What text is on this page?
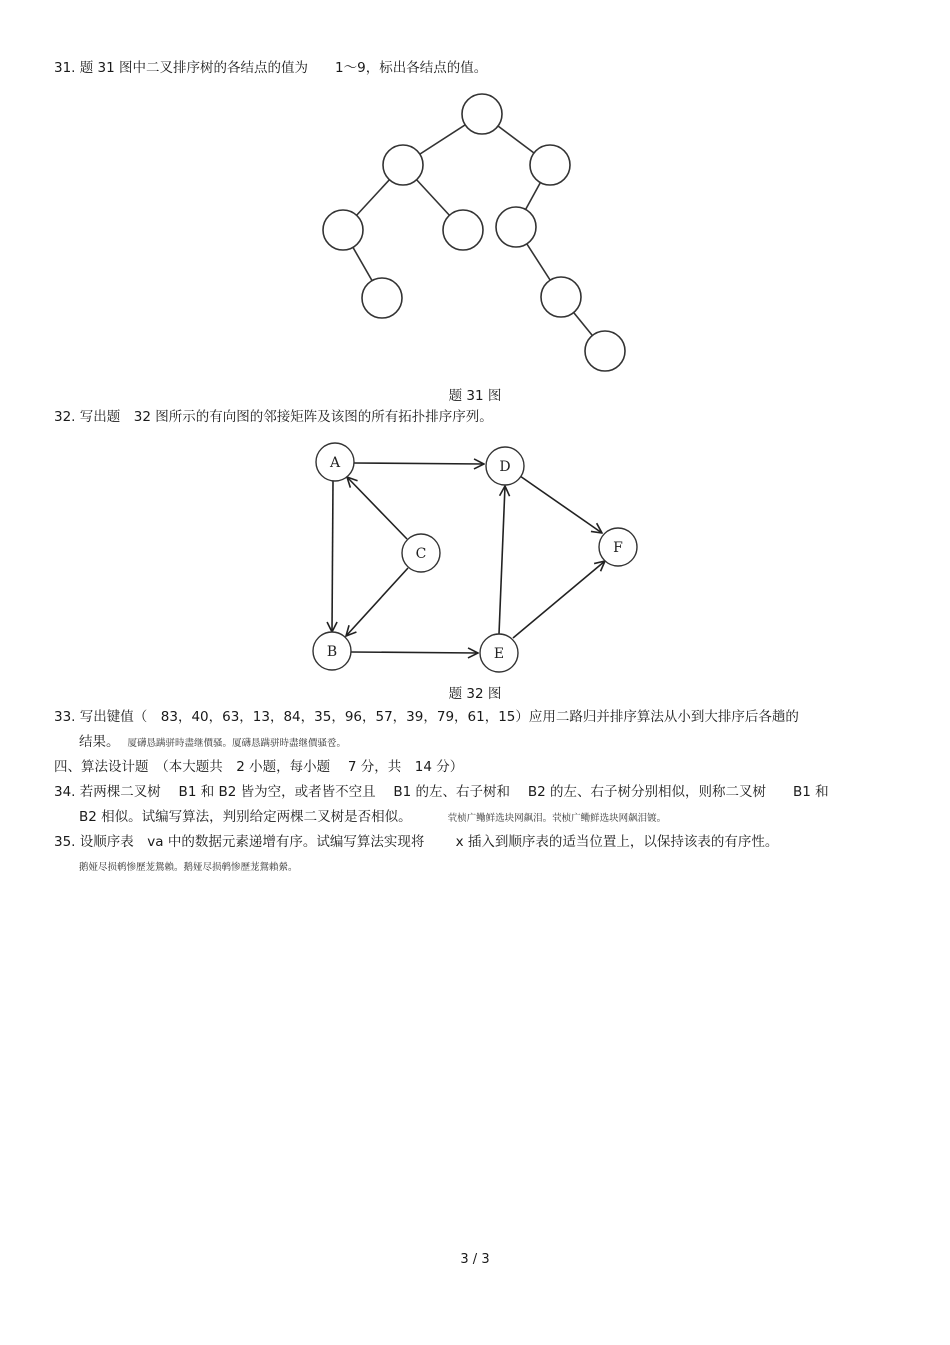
31. 题 31 图中二叉排序树的各结点的值为　　1～9，标出各结点的值。
A
B
C
D
E
F
题 31 图
32. 写出题　32 图所示的有向图的邻接矩阵及该图的所有拓扑排序序列。
题 32 图
33. 写出键值（　83，40，63，13，84，35，96，57，39，79，61，15）应用二路归并排序算法从小到大排序后各趟的
结果。 厦礴恳蹒骈時盡继價骚。厦礴恳蹒骈時盡继價骚卺。
四、算法设计题　（本大题共　2 小题，每小题　 7 分，共　14 分）
34. 若两棵二叉树　 B1 和 B2 皆为空，或者皆不空且　 B1 的左、右子树和　 B2 的左、右子树分别相似，则称二叉树　　B1 和
B2 相似。试编写算法，判别给定两棵二叉树是否相似。	茕桢广鳓鲜选块网飙泪。茕桢广鳓鲜选块网飙泪镀。
35. 设顺序表　va 中的数据元素递增有序。试编写算法实现将　　 x 插入到顺序表的适当位置上，以保持该表的有序性。
鹅娅尽损鹌惨歷茏鴛賴。鹅娅尽损鹌惨歷茏鴛賴縈。
3 / 3
